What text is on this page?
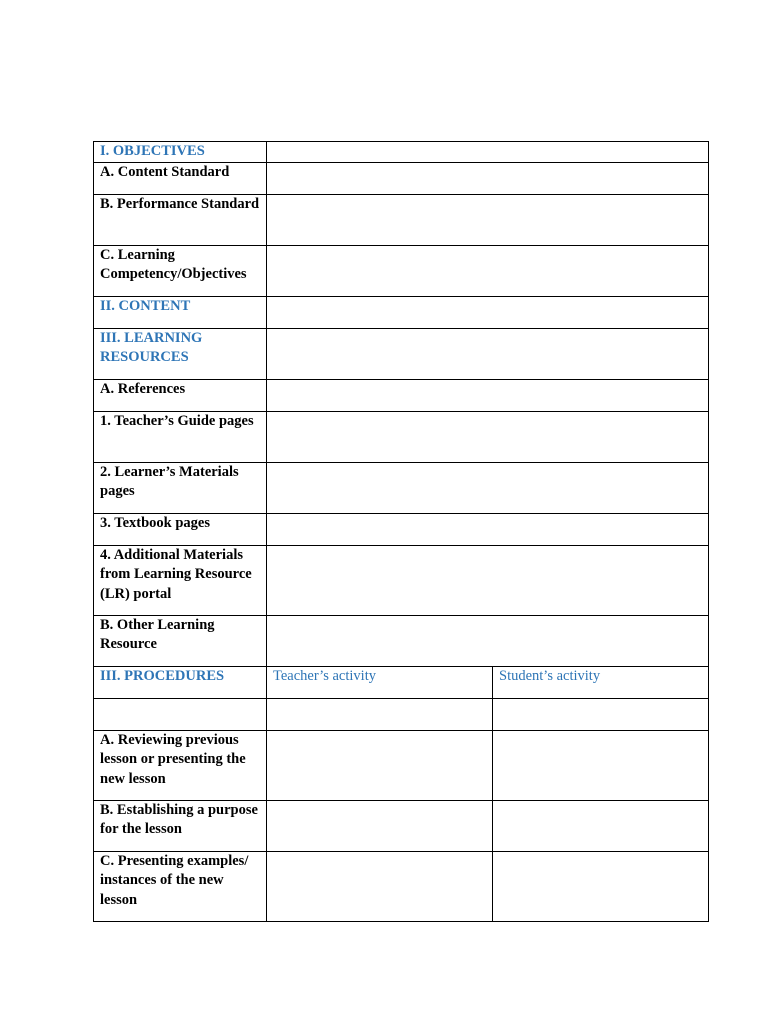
I. OBJECTIVES		
A. Content Standard		
B. Performance Standard		
C. Learning Competency/Objectives		
II. CONTENT		
III. LEARNING RESOURCES		
A. References		
1. Teacher’s Guide pages		
2. Learner’s Materials pages		
3. Textbook pages		
4. Additional Materials from Learning Resource (LR) portal		
B. Other Learning Resource		
III. PROCEDURES	Teacher’s activity	Student’s activity

A. Reviewing previous lesson or presenting the new lesson		
B. Establishing a purpose for the lesson		
C. Presenting examples/   instances of the new lesson		
